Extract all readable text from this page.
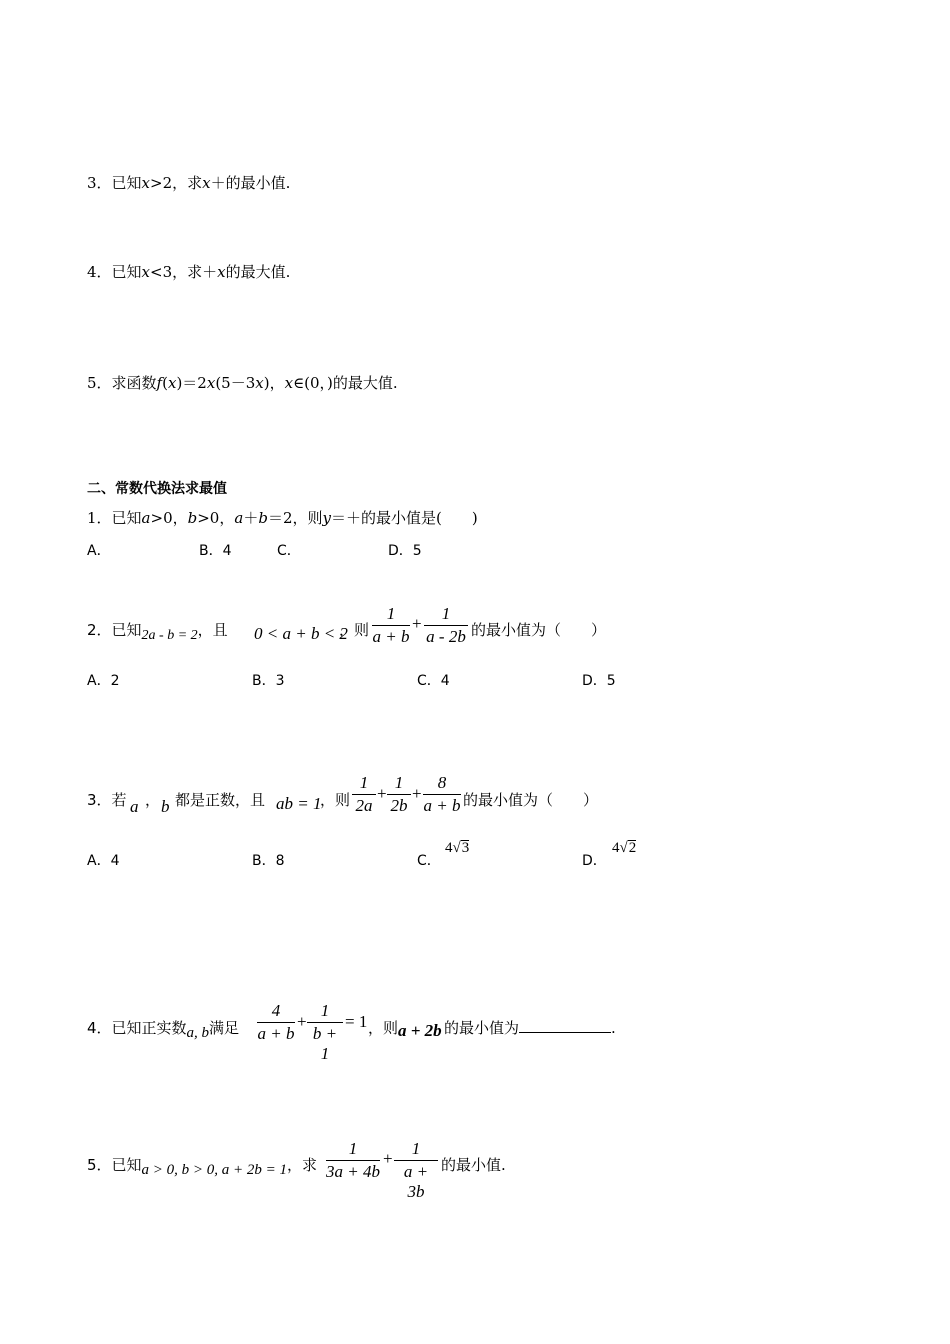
3．已知x>2，求x＋的最小值.
4．已知x<3，求＋x的最大值.
5．求函数f(x)＝2x(5－3x)，x∈(0，)的最大值.
二、常数代换法求最值
1．已知a>0，b>0，a＋b＝2，则y＝＋的最小值是(　　)
A．	B．4	C．	D．5
2．已知2a - b = 2，且 0 < a + b < 2
，则
1
a + b
+
1
a - 2b 的最小值为（　　）
A．2	B．3	C．4	D．5
3．若 a ， b 都是正数，且 ab = 1
，则
1
2a
+
1
2b
+
8
a + b 的最小值为（　　）
A．4	B．8	C．
4√3
D．
4√2
4．已知正实数a, b满足
4
a + b
+
1
b + 1
= 1 ，则 a + 2b 的最小值为	.
5．已知a > 0, b > 0, a + 2b = 1，求
1
3a + 4b
+
1
a + 3b
的最小值.
